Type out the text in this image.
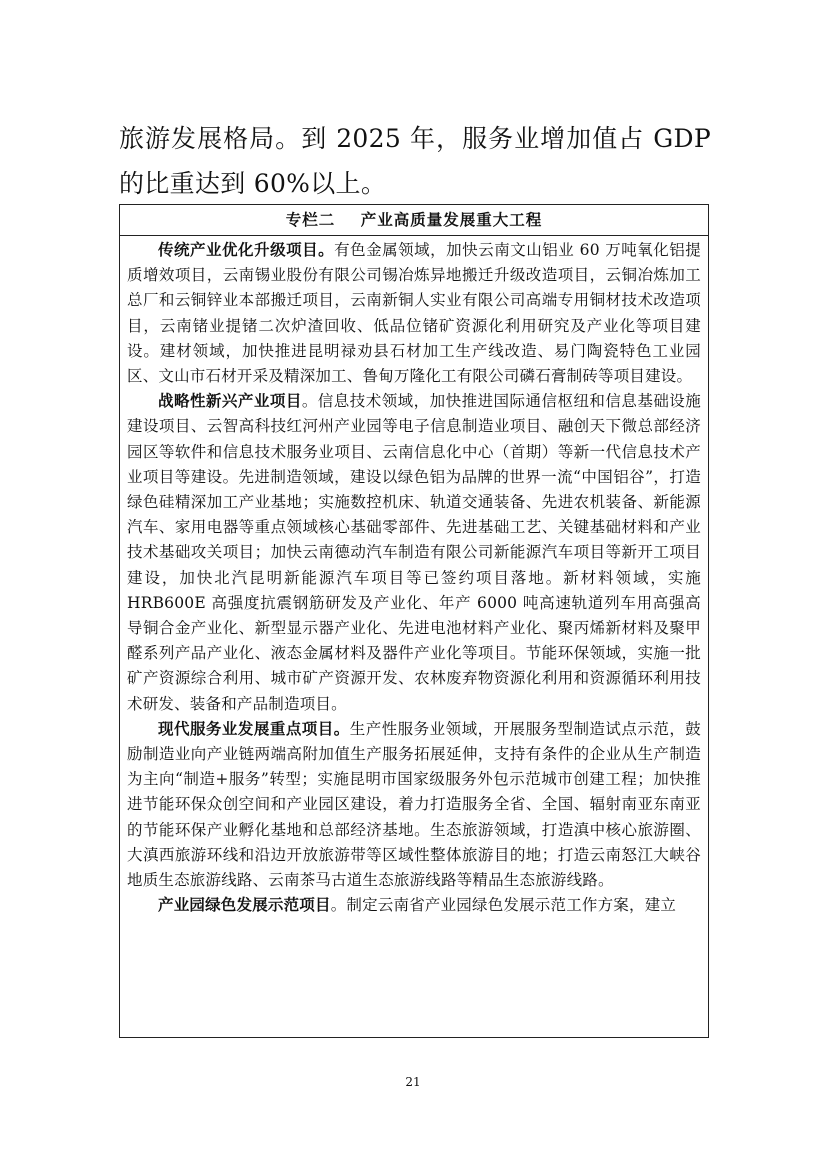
旅游发展格局。到 2025 年，服务业增加值占 GDP 的比重达到 60%以上。

专栏二    产业高质量发展重大工程

传统产业优化升级项目。有色金属领域，加快云南文山铝业 60 万吨氧化铝提质增效项目，云南锡业股份有限公司锡冶炼异地搬迁升级改造项目，云铜冶炼加工总厂和云铜锌业本部搬迁项目，云南新铜人实业有限公司高端专用铜材技术改造项目，云南锗业提锗二次炉渣回收、低品位锗矿资源化利用研究及产业化等项目建设。建材领域，加快推进昆明禄劝县石材加工生产线改造、易门陶瓷特色工业园区、文山市石材开采及精深加工、鲁甸万隆化工有限公司磷石膏制砖等项目建设。

战略性新兴产业项目。信息技术领域，加快推进国际通信枢纽和信息基础设施建设项目、云智高科技红河州产业园等电子信息制造业项目、融创天下微总部经济园区等软件和信息技术服务业项目、云南信息化中心（首期）等新一代信息技术产业项目等建设。先进制造领域，建设以绿色铝为品牌的世界一流“中国铝谷”，打造绿色硅精深加工产业基地；实施数控机床、轨道交通装备、先进农机装备、新能源汽车、家用电器等重点领域核心基础零部件、先进基础工艺、关键基础材料和产业技术基础攻关项目；加快云南德动汽车制造有限公司新能源汽车项目等新开工项目建设，加快北汽昆明新能源汽车项目等已签约项目落地。新材料领域，实施 HRB600E 高强度抗震钢筋研发及产业化、年产 6000 吨高速轨道列车用高强高导铜合金产业化、新型显示器产业化、先进电池材料产业化、聚丙烯新材料及聚甲醛系列产品产业化、液态金属材料及器件产业化等项目。节能环保领域，实施一批矿产资源综合利用、城市矿产资源开发、农林废弃物资源化利用和资源循环利用技术研发、装备和产品制造项目。

现代服务业发展重点项目。生产性服务业领域，开展服务型制造试点示范，鼓励制造业向产业链两端高附加值生产服务拓展延伸，支持有条件的企业从生产制造为主向“制造+服务”转型；实施昆明市国家级服务外包示范城市创建工程；加快推进节能环保众创空间和产业园区建设，着力打造服务全省、全国、辐射南亚东南亚的节能环保产业孵化基地和总部经济基地。生态旅游领域，打造滇中核心旅游圈、大滇西旅游环线和沿边开放旅游带等区域性整体旅游目的地；打造云南怒江大峡谷地质生态旅游线路、云南茶马古道生态旅游线路等精品生态旅游线路。

产业园绿色发展示范项目。制定云南省产业园绿色发展示范工作方案，建立

21
